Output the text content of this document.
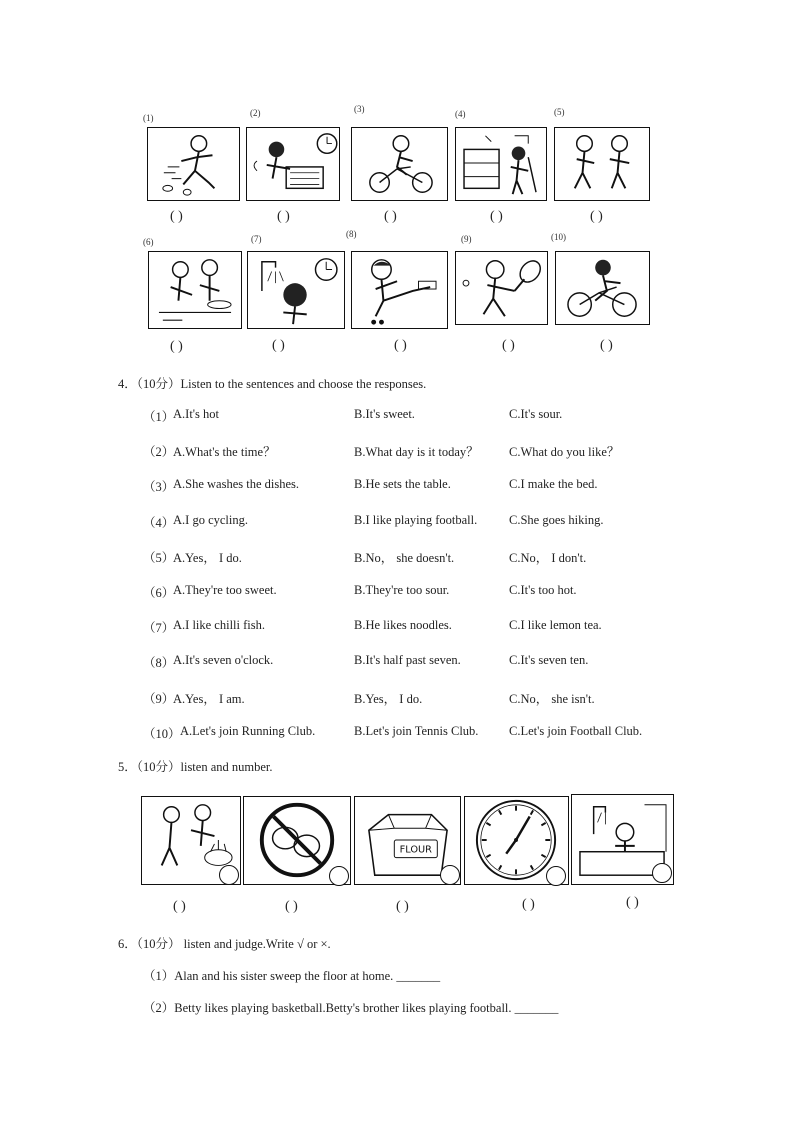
(1)	(2)	(3)	(4)	(5)
( )	( )	( )	( )	( )
(6)	(7)	(8)	(9)	(10)
( )	( )	( )	( )	( )
4．（10分）Listen to the sentences and choose the responses.
（1）
A.It's hot	B.It's sweet.	C.It's sour.
（2）
A.What's the time？	B.What day is it today？ C.What do you like？
（3）
A.She washes the dishes.	B.He sets the table.	C.I make the bed.
（4）
A.I go cycling.	B.I like playing football.	C.She goes hiking.
（5）
A.Yes， I do.	B.No， she doesn't.	C.No， I don't.
（6）
A.They're too sweet.	B.They're too sour.	C.It's too hot.
（7）
A.I like chilli fish.	B.He likes noodles.	C.I like lemon tea.
（8）
A.It's seven o'clock.	B.It's half past seven.	C.It's seven ten.
（9）
A.Yes， I am.	B.Yes， I do.	C.No， she isn't.
（10） A.Let's join Running Club.	B.Let's join Tennis Club. C.Let's join Football Club.
5．（10分）listen and number.
FLOUR
( )	( )	( )	( )	( )
6．（10分） listen and judge.Write √ or ×.
（1）Alan and his sister sweep the floor at home. _______
（2）Betty likes playing basketball.Betty's brother likes playing football. _______
